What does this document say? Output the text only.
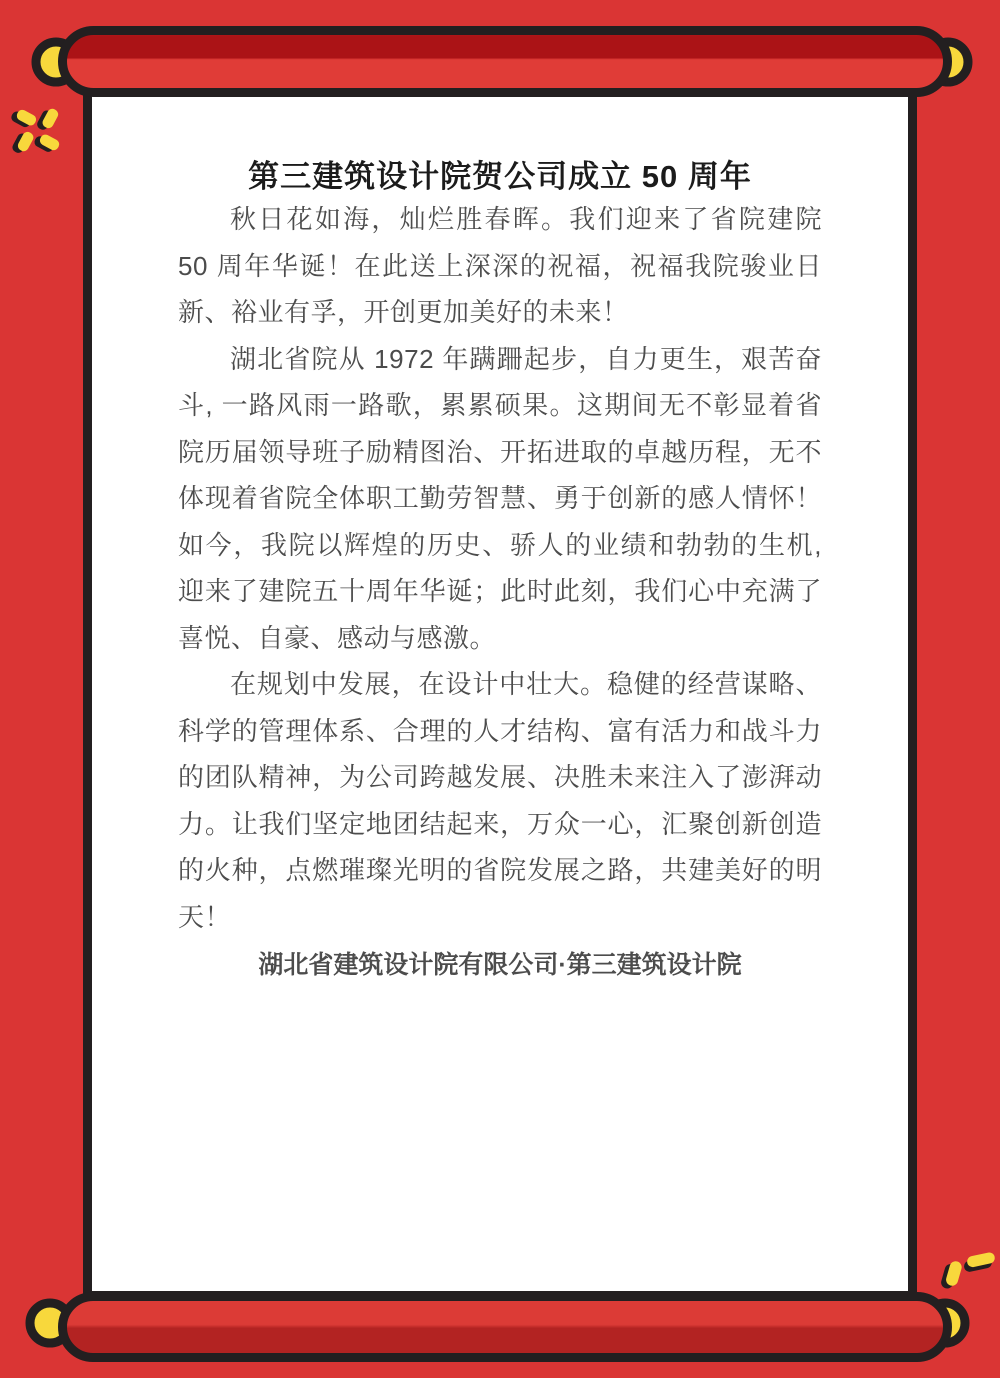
第三建筑设计院贺公司成立 50 周年

秋日花如海，灿烂胜春晖。我们迎来了省院建院 50 周年华诞！在此送上深深的祝福，祝福我院骏业日新、裕业有孚，开创更加美好的未来！

湖北省院从 1972 年蹒跚起步，自力更生，艰苦奋斗, 一路风雨一路歌，累累硕果。这期间无不彰显着省院历届领导班子励精图治、开拓进取的卓越历程，无不体现着省院全体职工勤劳智慧、勇于创新的感人情怀！如今，我院以辉煌的历史、骄人的业绩和勃勃的生机, 迎来了建院五十周年华诞；此时此刻，我们心中充满了喜悦、自豪、感动与感激。

在规划中发展，在设计中壮大。稳健的经营谋略、科学的管理体系、合理的人才结构、富有活力和战斗力的团队精神，为公司跨越发展、决胜未来注入了澎湃动力。让我们坚定地团结起来，万众一心，汇聚创新创造的火种，点燃璀璨光明的省院发展之路，共建美好的明天！

湖北省建筑设计院有限公司·第三建筑设计院
